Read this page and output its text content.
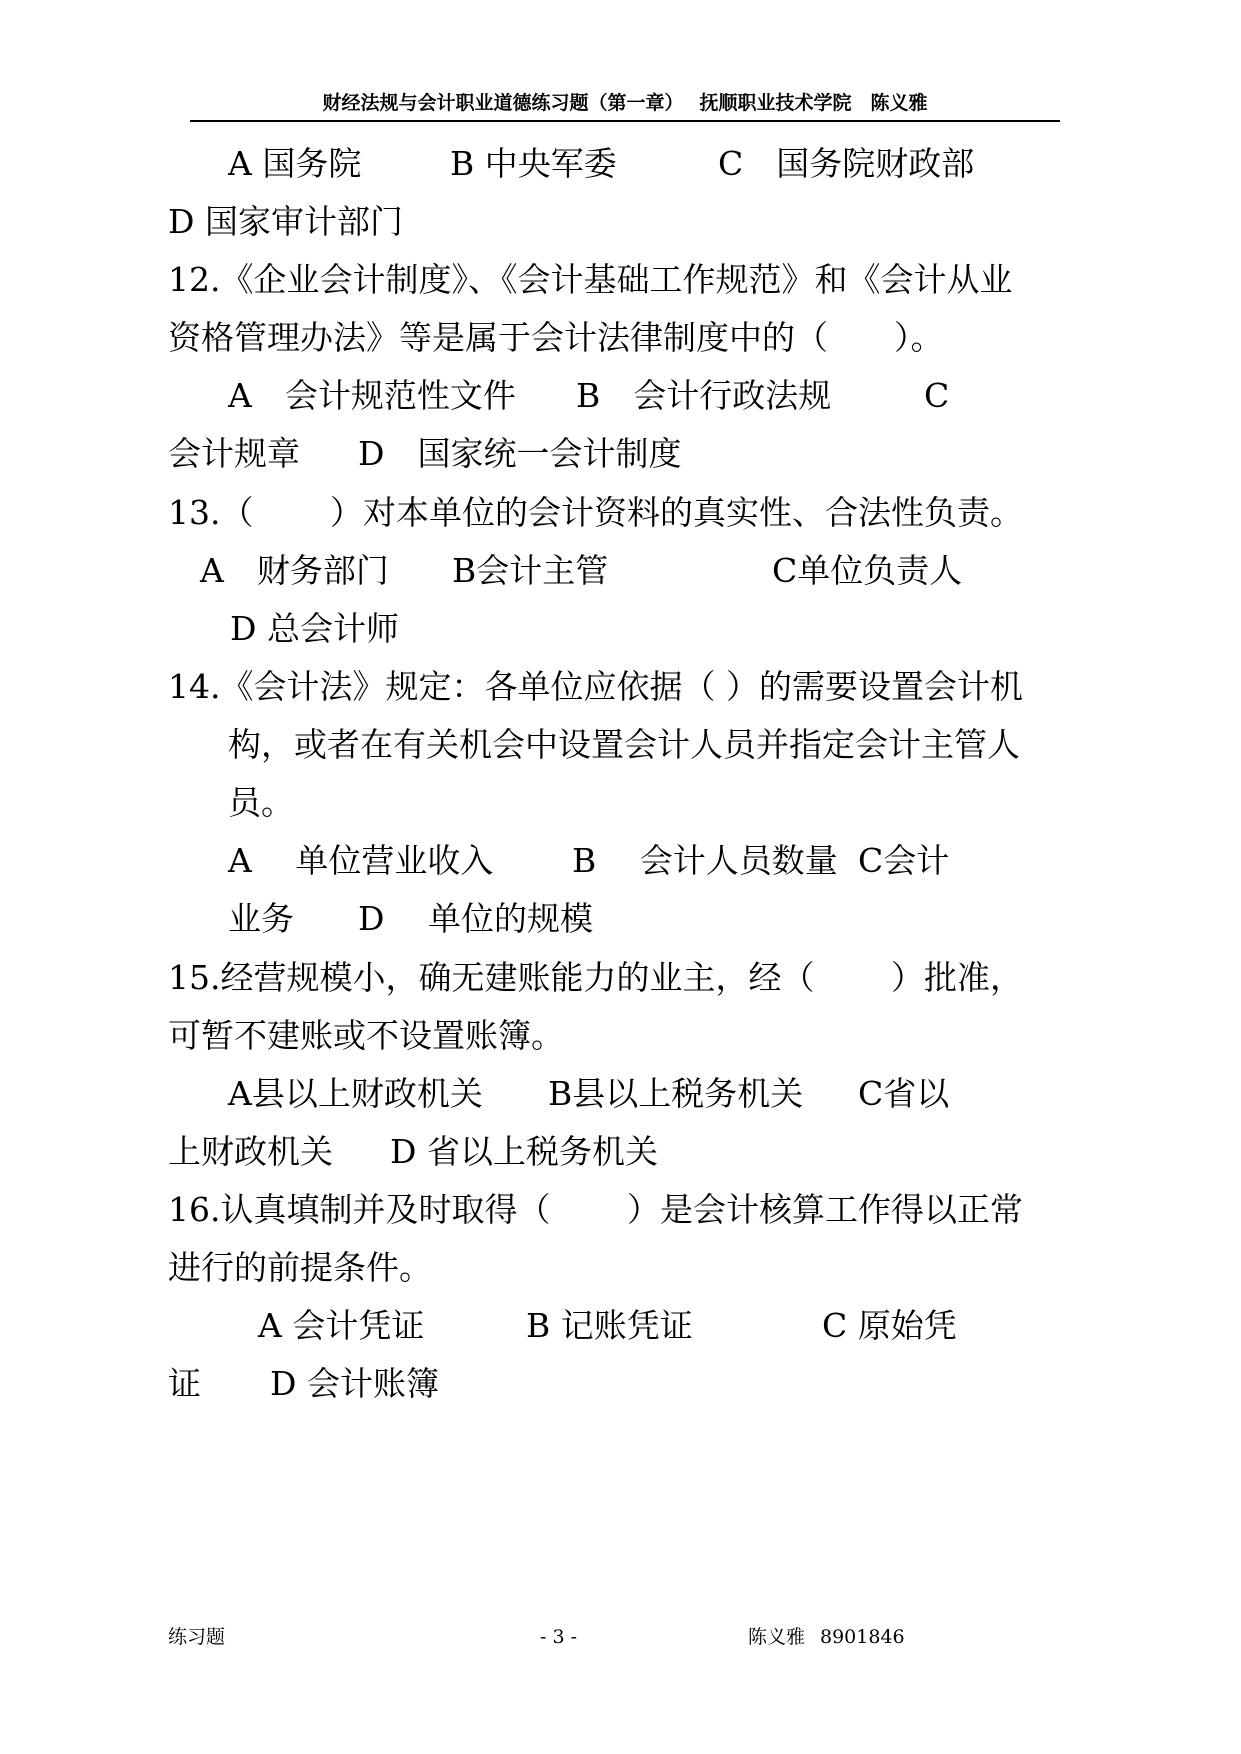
财经法规与会计职业道德练习题（第一章）　 抚顺职业技术学院　陈义雅
A 国务院	B 中央军委	C　国务院财政部
D 国家审计部门
12.《企业会计制度》、《会计基础工作规范》和《会计从业
资格管理办法》等是属于会计法律制度中的（　　）。
A　会计规范性文件 B　会计行政法规	C
会计规章 D　国家统一会计制度
13.（　　 ）对本单位的会计资料的真实性、合法性负责。
A　财务部门 B会计主管	C单位负责人
D 总会计师
14.《会计法》规定：各单位应依据（ ）的需要设置会计机
构，或者在有关机会中设置会计人员并指定会计主管人
员。
A　 单位营业收入 B　 会计人员数量 C会计
业务 D　 单位的规模
15.经营规模小，确无建账能力的业主，经（　　 ）批准，
可暂不建账或不设置账簿。
A县以上财政机关 B县以上税务机关 C省以
上财政机关 D 省以上税务机关
16.认真填制并及时取得（　　 ）是会计核算工作得以正常
进行的前提条件。
A 会计凭证	B 记账凭证	C 原始凭
证 D 会计账簿
练习题	- 3 -	陈义雅 8901846
